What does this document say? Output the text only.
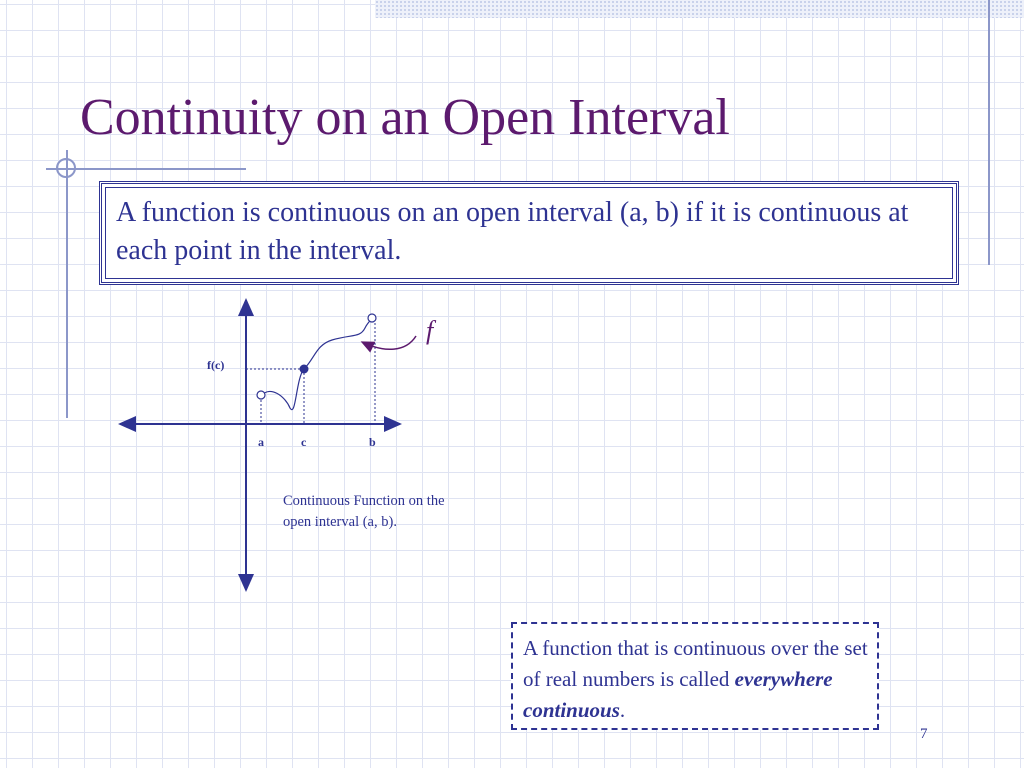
Continuity on an Open Interval
A function is continuous on an open interval (a, b) if it is continuous at each point in the interval.
f(c)
a	c	b
f
Continuous Function on the open interval (a, b).
A function that is continuous over the set of real numbers is called everywhere continuous.
7
